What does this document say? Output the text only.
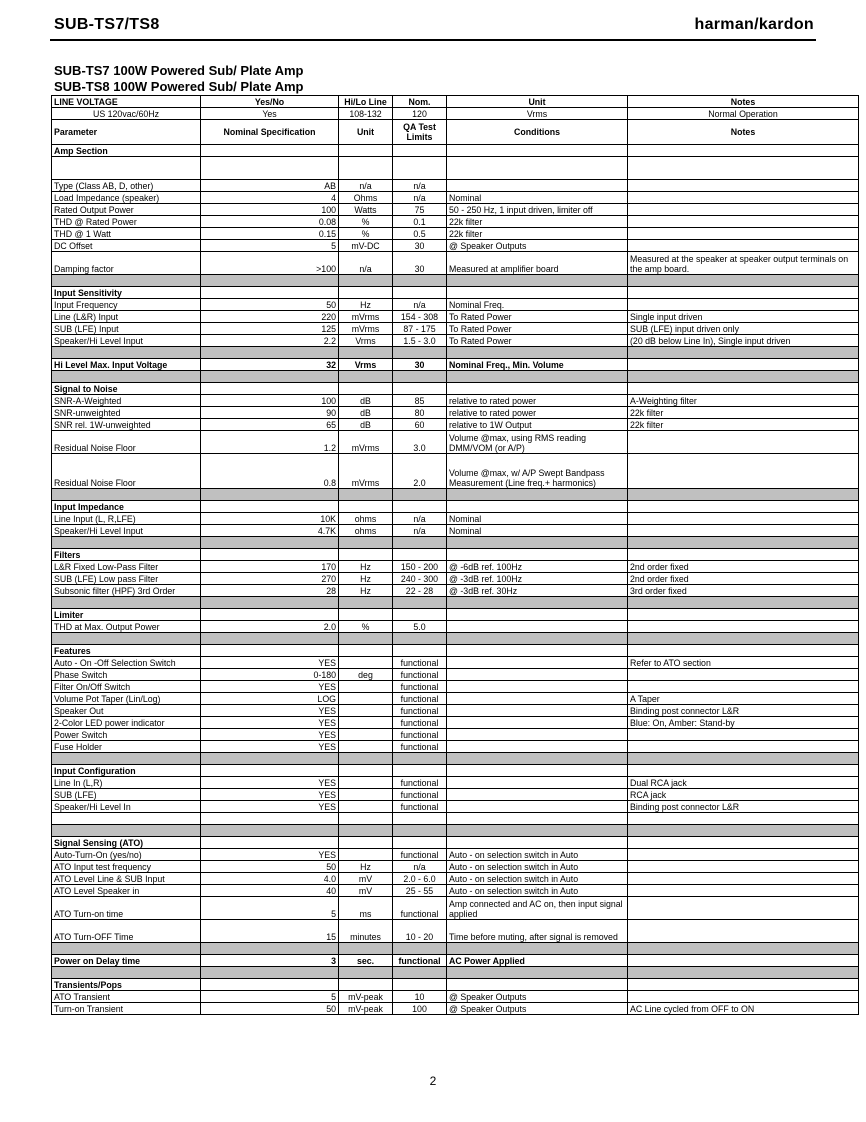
SUB-TS7/TS8	harman/kardon
SUB-TS7 100W Powered Sub/ Plate Amp
SUB-TS8 100W Powered Sub/ Plate Amp
LINE VOLTAGE	Yes/No	Hi/Lo Line	Nom.	Unit	Notes
US 120vac/60Hz	Yes	108-132	120	Vrms	Normal Operation
Parameter	Nominal Specification	Unit	QA Test Limits	Conditions	Notes
Amp Section					

Type (Class AB, D, other)	AB	n/a	n/a		
Load Impedance (speaker)	4	Ohms	n/a	Nominal	
Rated Output Power	100	Watts	75	50 - 250 Hz, 1 input driven, limiter off	
THD @ Rated Power	0.08	%	0.1	22k filter	
THD @ 1 Watt	0.15	%	0.5	22k filter	
DC Offset	5	mV-DC	30	@ Speaker Outputs	
Damping factor	>100	n/a	30	Measured at amplifier board	Measured at the speaker at speaker output terminals on the amp board.

Input Sensitivity					
Input Frequency	50	Hz	n/a	Nominal Freq.	
Line (L&R) Input	220	mVrms	154 - 308	To Rated Power	Single input driven
SUB (LFE) Input	125	mVrms	87 - 175	To Rated Power	SUB (LFE) input driven only
Speaker/Hi Level Input	2.2	Vrms	1.5 - 3.0	To Rated Power	(20 dB below Line In), Single input driven

Hi Level Max. Input Voltage	32	Vrms	30	Nominal Freq., Min. Volume	

Signal to Noise					
SNR-A-Weighted	100	dB	85	relative to rated power	A-Weighting filter
SNR-unweighted	90	dB	80	relative to rated power	22k filter
SNR rel. 1W-unweighted	65	dB	60	relative to 1W Output	22k filter
Residual Noise Floor	1.2	mVrms	3.0	Volume @max, using RMS reading DMM/VOM (or A/P)	
Residual Noise Floor	0.8	mVrms	2.0	Volume @max, w/ A/P Swept Bandpass Measurement (Line freq.+ harmonics)	

Input Impedance					
Line Input (L, R,LFE)	10K	ohms	n/a	Nominal	
Speaker/Hi Level Input	4.7K	ohms	n/a	Nominal	

Filters					
L&R Fixed Low-Pass Filter	170	Hz	150 - 200	@ -6dB ref. 100Hz	2nd order fixed
SUB (LFE) Low pass Filter	270	Hz	240 - 300	@ -3dB ref. 100Hz	2nd order fixed
Subsonic filter (HPF) 3rd Order	28	Hz	22 - 28	@ -3dB ref. 30Hz	3rd order fixed

Limiter					
THD at Max. Output Power	2.0	%	5.0		

Features					
Auto - On -Off Selection Switch	YES		functional		Refer to ATO section
Phase Switch	0-180	deg	functional		
Filter On/Off Switch	YES		functional		
Volume Pot Taper (Lin/Log)	LOG		functional		A Taper
Speaker Out	YES		functional		Binding post connector L&R
2-Color LED power indicator	YES		functional		Blue: On, Amber: Stand-by
Power Switch	YES		functional		
Fuse Holder	YES		functional		

Input Configuration					
Line In (L,R)	YES		functional		Dual RCA jack
SUB (LFE)	YES		functional		RCA jack
Speaker/Hi Level In	YES		functional		Binding post connector L&R

Signal Sensing (ATO)					
Auto-Turn-On (yes/no)	YES		functional	Auto - on selection switch in Auto	
ATO Input test frequency	50	Hz	n/a	Auto - on selection switch in Auto	
ATO Level Line & SUB Input	4.0	mV	2.0 - 6.0	Auto - on selection switch in Auto	
ATO Level Speaker in	40	mV	25 - 55	Auto - on selection switch in Auto	
ATO Turn-on time	5	ms	functional	Amp connected and AC on, then input signal applied	
ATO Turn-OFF Time	15	minutes	10 - 20	Time before muting, after signal is removed	

Power on Delay time	3	sec.	functional	AC Power Applied	

Transients/Pops					
ATO Transient	5	mV-peak	10	@ Speaker Outputs	
Turn-on Transient	50	mV-peak	100	@ Speaker Outputs	AC Line cycled from OFF to ON
2
